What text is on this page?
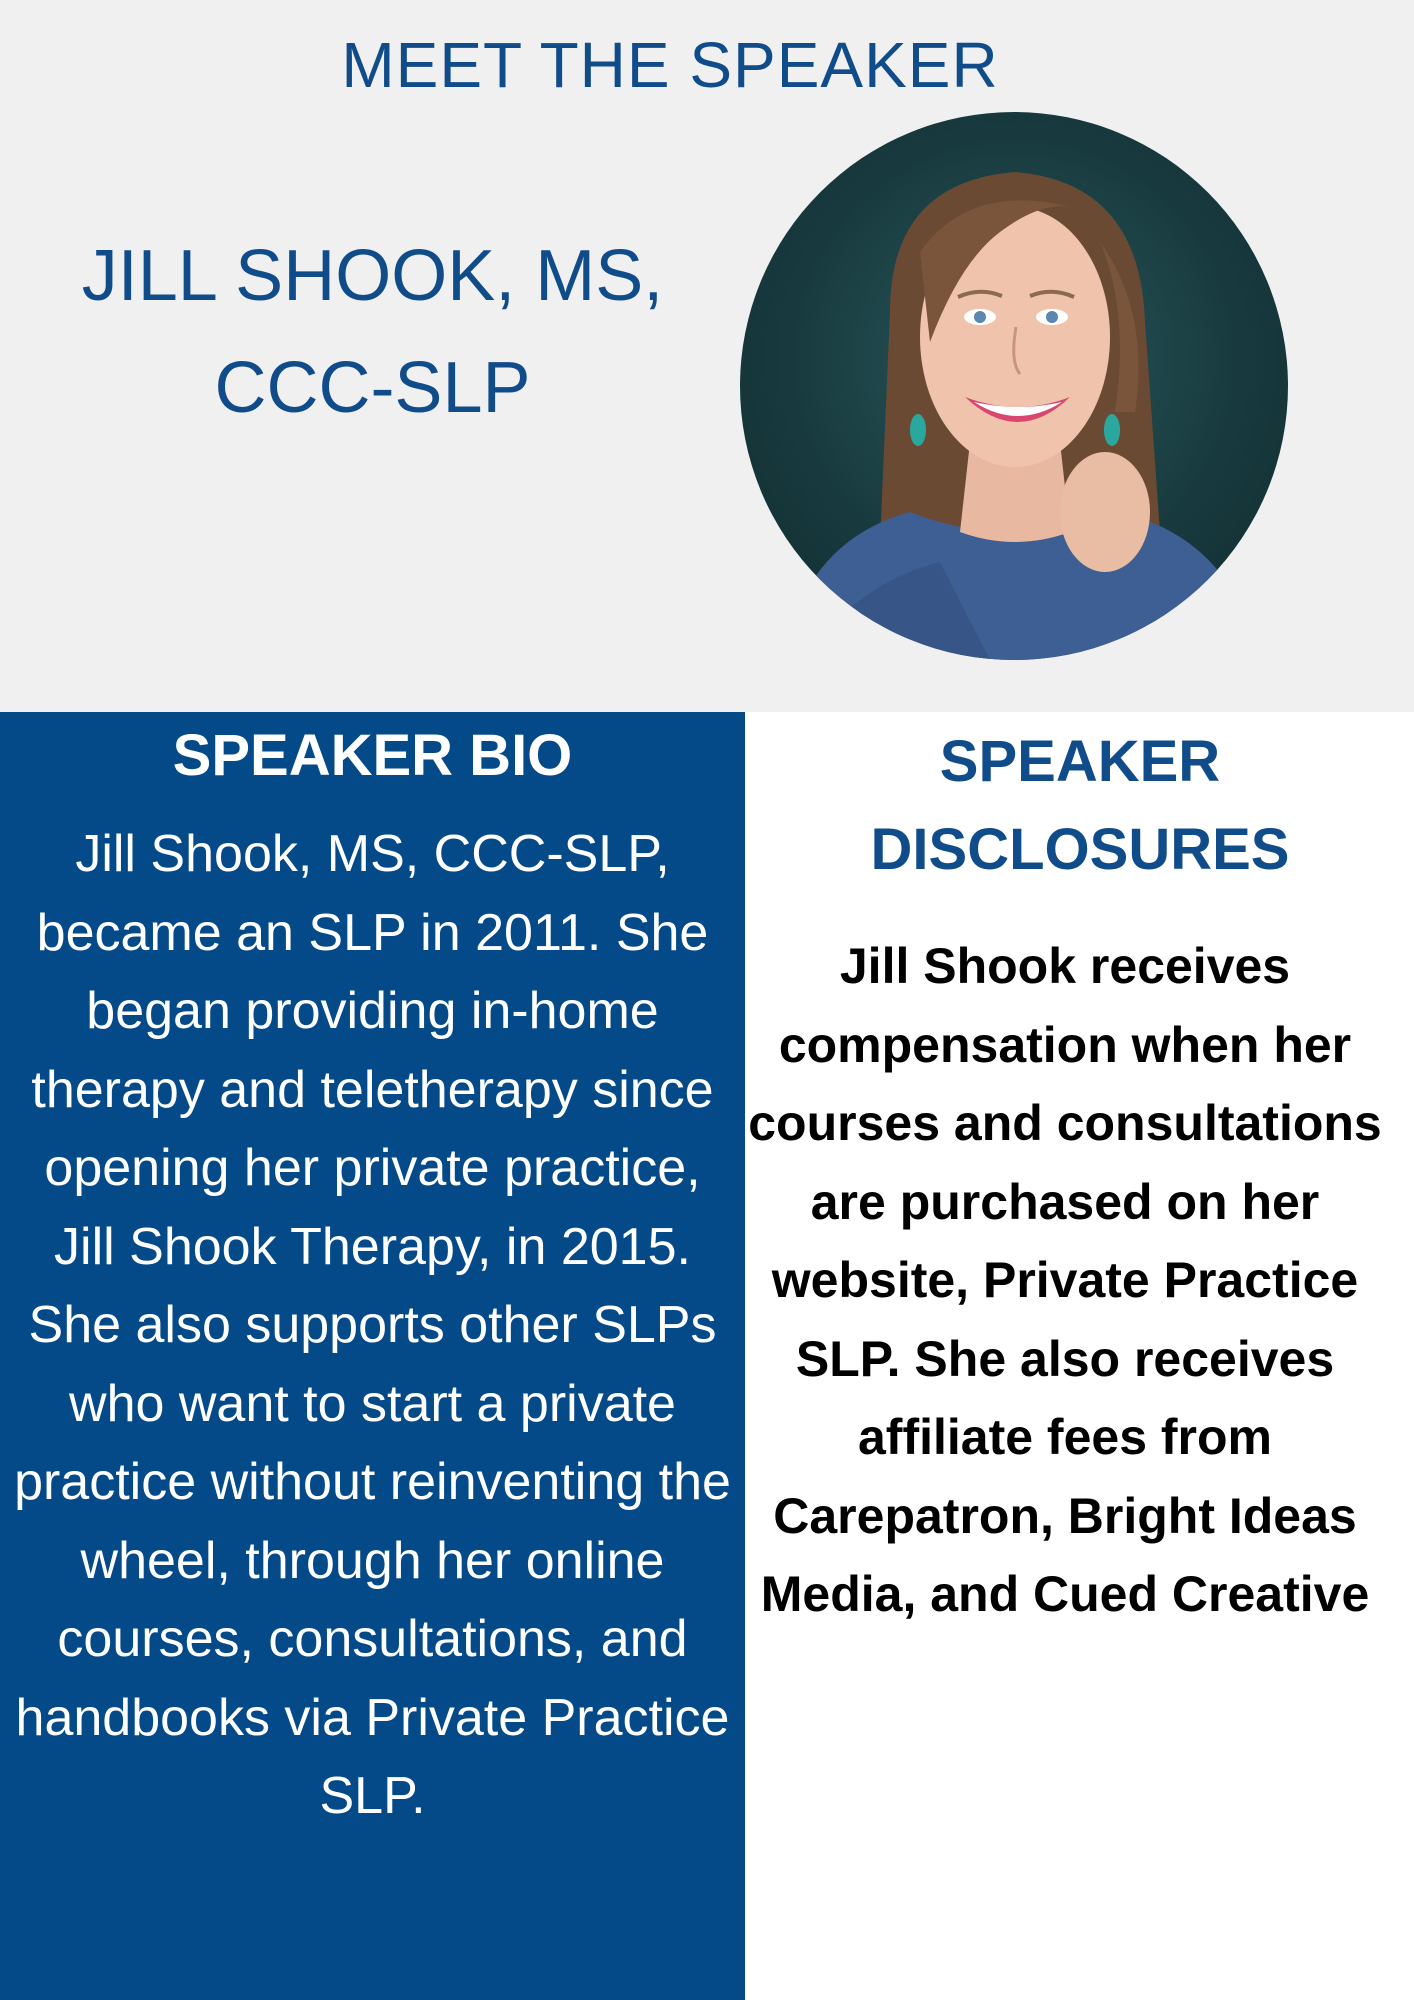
MEET THE SPEAKER
JILL SHOOK, MS,
CCC-SLP
SPEAKER BIO

Jill Shook, MS, CCC-SLP, became an SLP in 2011. She began providing in-home therapy and teletherapy since opening her private practice, Jill Shook Therapy, in 2015. She also supports other SLPs who want to start a private practice without reinventing the wheel, through her online courses, consultations, and handbooks via Private Practice SLP.

SPEAKER
DISCLOSURES

Jill Shook receives compensation when her courses and consultations are purchased on her website, Private Practice SLP. She also receives affiliate fees from Carepatron, Bright Ideas Media, and Cued Creative
